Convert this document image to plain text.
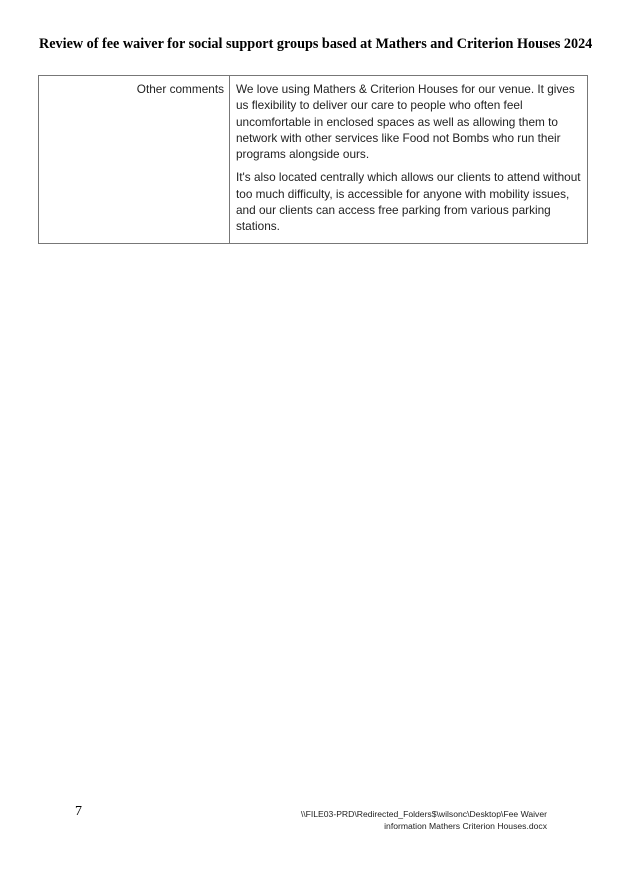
Review of fee waiver for social support groups based at Mathers and Criterion Houses 2024
Other comments	We love using Mathers & Criterion Houses for our venue. It gives us flexibility to deliver our care to people who often feel uncomfortable in enclosed spaces as well as allowing them to network with other services like Food not Bombs who run their programs alongside ours.

It's also located centrally which allows our clients to attend without too much difficulty, is accessible for anyone with mobility issues, and our clients can access free parking from various parking stations.

7	\\FILE03-PRD\Redirected_Folders$\wilsonc\Desktop\Fee Waiver
information Mathers Criterion Houses.docx
